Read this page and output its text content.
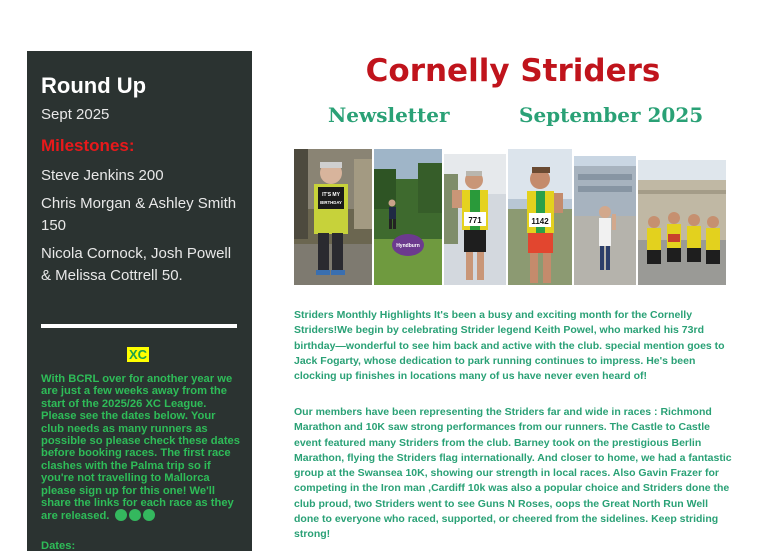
Round Up
Sept 2025
Milestones:
Steve Jenkins 200
Chris Morgan & Ashley Smith 150
Nicola Cornock, Josh Powell & Melissa Cottrell 50.
XC
With BCRL over for another year we are just a few weeks away from the start of the 2025/26 XC League. Please see the dates below. Your club needs as many runners as possible so please check these dates before booking races. The first race clashes with the Palma trip so if you're not travelling to Mallorca please sign up for this one! We'll share the links for each race as they are released.
Dates:
Cornelly Striders
Newsletter	September 2025
IT'S MY
BIRTHDAY
Hyndburn
771	1142
Striders Monthly Highlights It's been a busy and exciting month for the Cornelly Striders!We begin by celebrating Strider legend Keith Powel, who marked his 73rd birthday—wonderful to see him back and active with the club. special mention goes to Jack Fogarty, whose dedication to park running continues to impress. He's been clocking up finishes in locations many of us have never even heard of!
Our members have been representing the Striders far and wide in races : Richmond Marathon and 10K saw strong performances from our runners. The Castle to Castle event featured many Striders from the club. Barney took on the prestigious Berlin Marathon, flying the Striders flag internationally. And closer to home, we had a fantastic group at the Swansea 10K, showing our strength in local races. Also Gavin Frazer for competing in the Iron man ,Cardiff 10k was also a popular choice and Striders done the club proud, two Striders went to see Guns N Roses, oops the Great North Run Well done to everyone who raced, supported, or cheered from the sidelines. Keep striding strong!
